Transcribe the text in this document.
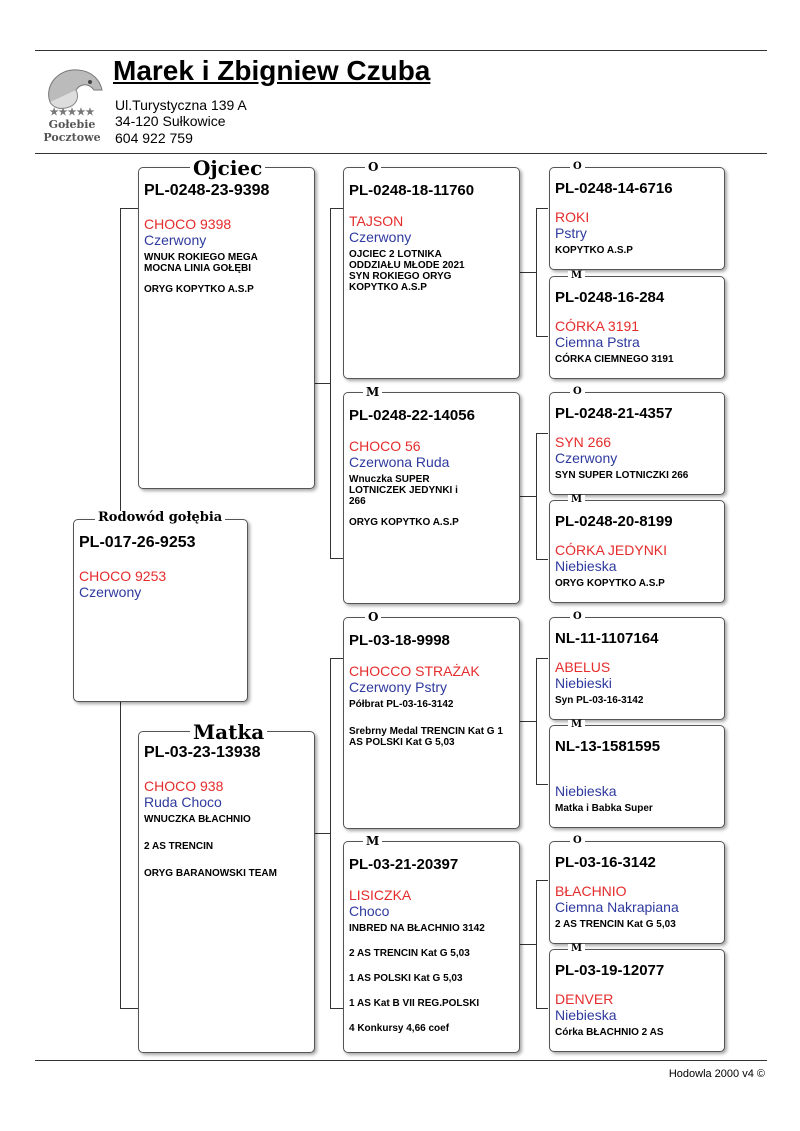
★★★★★
Gołebie
Pocztowe
Marek i Zbigniew Czuba
Ul.Turystyczna 139 A
34-120 Sułkowice
604 922 759
PL-017-26-9253
CHOCO 9253
Czerwony
Rodowód gołębia
PL-0248-23-9398
CHOCO 9398
Czerwony

WNUK ROKIEGO MEGA MOCNA LINIA GOŁĘBI

ORYG KOPYTKO A.S.P

Ojciec
PL-03-23-13938
CHOCO 938
Ruda Choco

WNUCZKA BŁACHNIO

2 AS TRENCIN

ORYG BARANOWSKI TEAM

Matka
PL-0248-18-11760
TAJSON
Czerwony

OJCIEC 2 LOTNIKA ODDZIAŁU MŁODE 2021 SYN ROKIEGO ORYG KOPYTKO A.S.P

O
PL-0248-22-14056
CHOCO 56
Czerwona Ruda

Wnuczka SUPER LOTNICZEK JEDYNKI i 266

ORYG KOPYTKO A.S.P

M
PL-03-18-9998
CHOCCO STRAŻAK
Czerwony Pstry

Półbrat PL-03-16-3142

Srebrny Medal TRENCIN Kat G 1 AS POLSKI Kat G 5,03

O
PL-03-21-20397
LISICZKA
Choco

INBRED NA BŁACHNIO 3142

2 AS TRENCIN Kat G 5,03

1 AS POLSKI Kat G 5,03

1 AS Kat B VII REG.POLSKI

4 Konkursy 4,66 coef

M
PL-0248-14-6716
ROKI
Pstry

KOPYTKO A.S.P

O
PL-0248-16-284
CÓRKA 3191
Ciemna Pstra

CÓRKA CIEMNEGO 3191

M
PL-0248-21-4357
SYN 266
Czerwony

SYN SUPER LOTNICZKI 266

O
PL-0248-20-8199
CÓRKA JEDYNKI
Niebieska

ORYG KOPYTKO A.S.P

M
NL-11-1107164
ABELUS
Niebieski

Syn PL-03-16-3142

O
NL-13-1581595
Niebieska

Matka i Babka Super

M
PL-03-16-3142
BŁACHNIO
Ciemna Nakrapiana

2 AS TRENCIN Kat G 5,03

O
PL-03-19-12077
DENVER
Niebieska

Córka BŁACHNIO 2 AS

M
Hodowla 2000 v4 ©
